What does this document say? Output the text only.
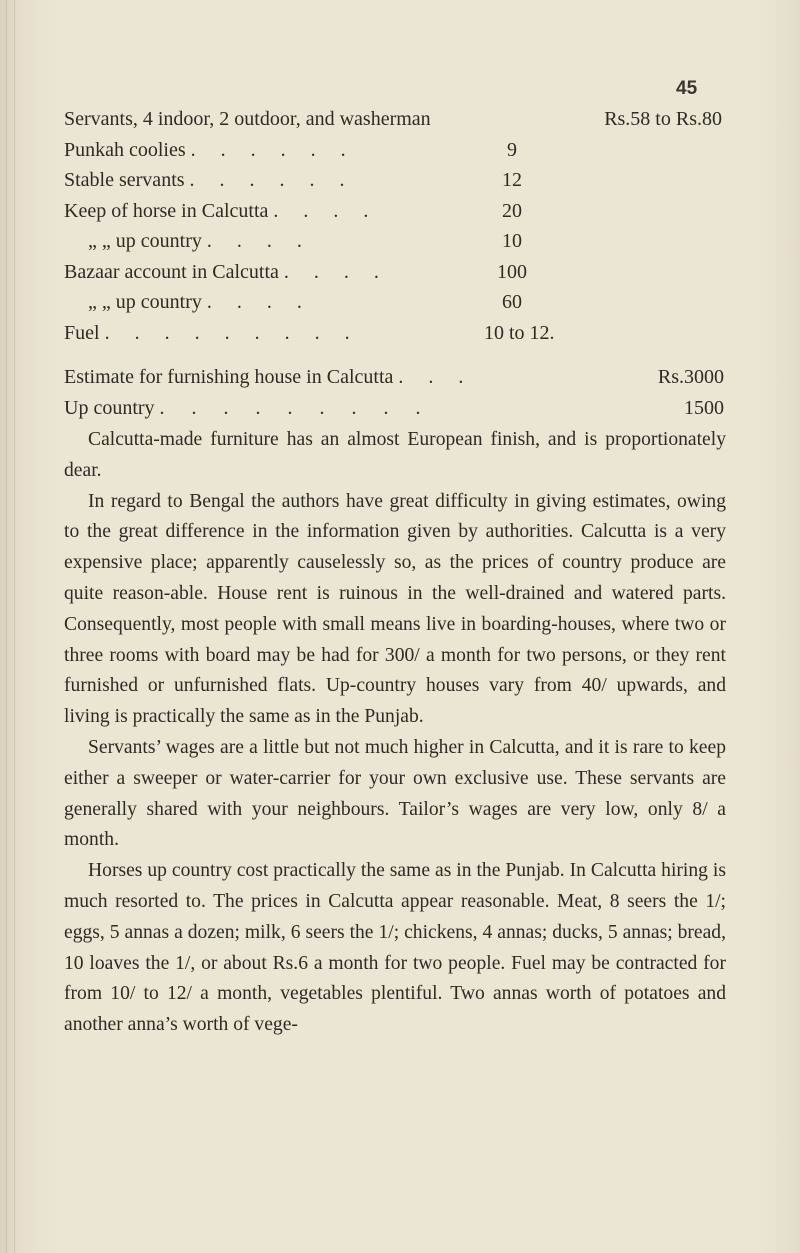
45
Servants, 4 indoor, 2 outdoor, and washerman	Rs.58 to Rs.80
Punkah coolies . . . . . .	9
Stable servants . . . . . .	12
Keep of horse in Calcutta . . . .	20
„ „ up country . . . .	10
Bazaar account in Calcutta . . . .	100
„ „ up country . . . .	60
Fuel . . . . . . . . .	10 to 12.
Estimate for furnishing house in Calcutta . . .	Rs.3000
Up country . . . . . . . . .	1500

Calcutta-made furniture has an almost European finish, and is proportionately dear.

In regard to Bengal the authors have great difficulty in giving estimates, owing to the great difference in the information given by authorities. Calcutta is a very expensive place; apparently causelessly so, as the prices of country produce are quite reason-able. House rent is ruinous in the well-drained and watered parts. Consequently, most people with small means live in boarding-houses, where two or three rooms with board may be had for 300/ a month for two persons, or they rent furnished or unfurnished flats. Up-country houses vary from 40/ upwards, and living is practically the same as in the Punjab.

Servants’ wages are a little but not much higher in Calcutta, and it is rare to keep either a sweeper or water-carrier for your own exclusive use. These servants are generally shared with your neighbours. Tailor’s wages are very low, only 8/ a month.

Horses up country cost practically the same as in the Punjab. In Calcutta hiring is much resorted to. The prices in Calcutta appear reasonable. Meat, 8 seers the 1/; eggs, 5 annas a dozen; milk, 6 seers the 1/; chickens, 4 annas; ducks, 5 annas; bread, 10 loaves the 1/, or about Rs.6 a month for two people. Fuel may be contracted for from 10/ to 12/ a month, vegetables plentiful. Two annas worth of potatoes and another anna’s worth of vege-
